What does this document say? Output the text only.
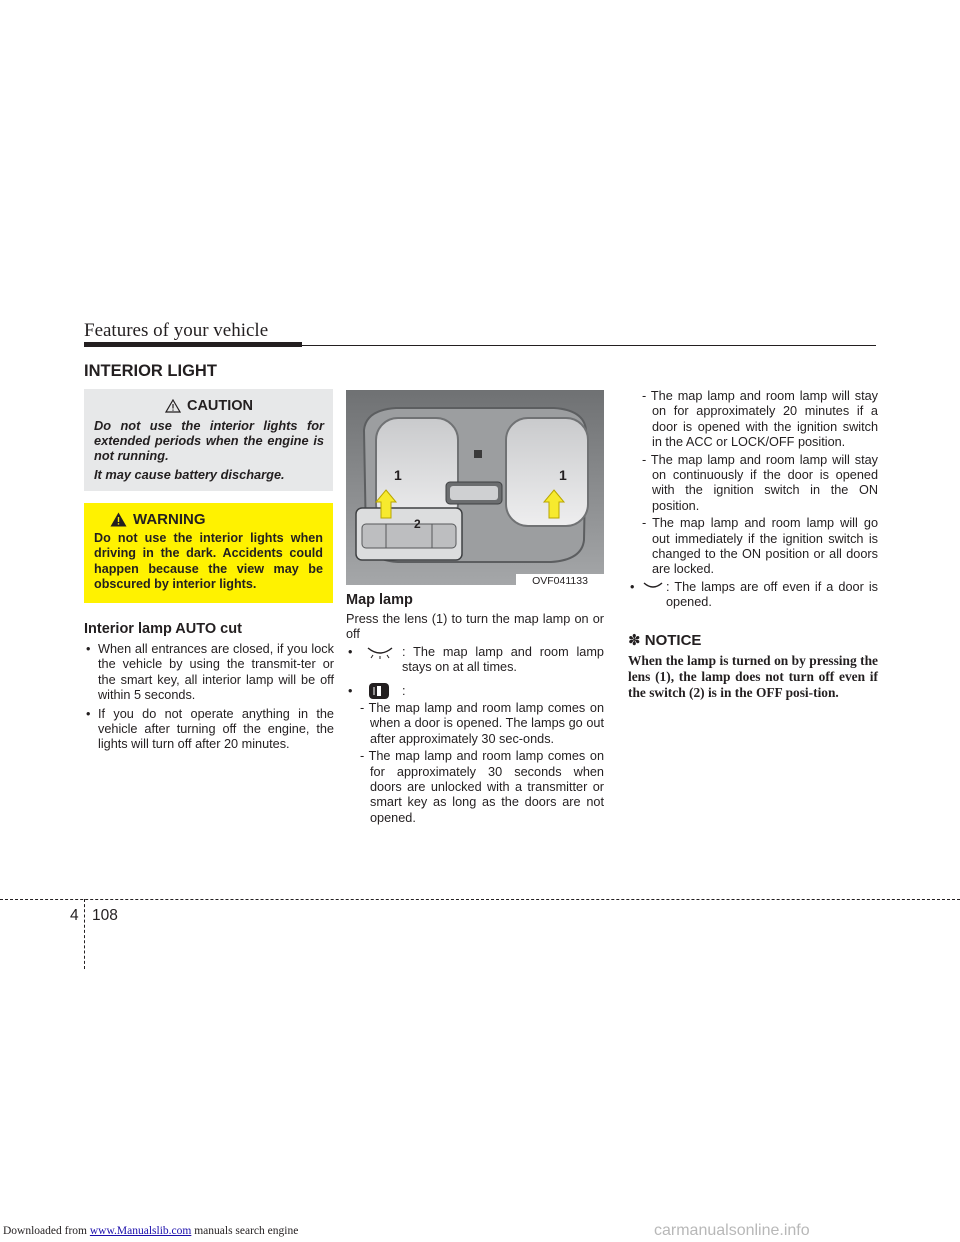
Features of your vehicle
INTERIOR LIGHT
CAUTION

Do not use the interior lights for extended periods when the engine is not running.

It may cause battery discharge.

WARNING
Do not use the interior lights when driving in the dark. Accidents could happen because the view may be obscured by interior lights.
Interior lamp AUTO cut
• When all entrances are closed, if you lock the vehicle by using the transmit-ter or the smart key, all interior lamp will be off within 5 seconds.
• If you do not operate anything in the vehicle after turning off the engine, the lights will turn off after 20 minutes.
1	1
2
OVF041133
Map lamp
Press the lens (1) to turn the map lamp on or off
•	: The map lamp and room lamp stays on at all times.
•	:
- The map lamp and room lamp comes on when a door is opened. The lamps go out after approximately 30 sec-onds.
- The map lamp and room lamp comes on for approximately 30 seconds when doors are unlocked with a transmitter or smart key as long as the doors are not opened.
- The map lamp and room lamp will stay on for approximately 20 minutes if a door is opened with the ignition switch in the ACC or LOCK/OFF position.
- The map lamp and room lamp will stay on continuously if the door is opened with the ignition switch in the ON position.
- The map lamp and room lamp will go out immediately if the ignition switch is changed to the ON position or all doors are locked.
• : The lamps are off even if a door is opened.
✽ NOTICE
When the lamp is turned on by pressing the lens (1), the lamp does not turn off even if the switch (2) is in the OFF posi-tion.
4 108
Downloaded from www.Manualslib.com manuals search engine	carmanualsonline.info
